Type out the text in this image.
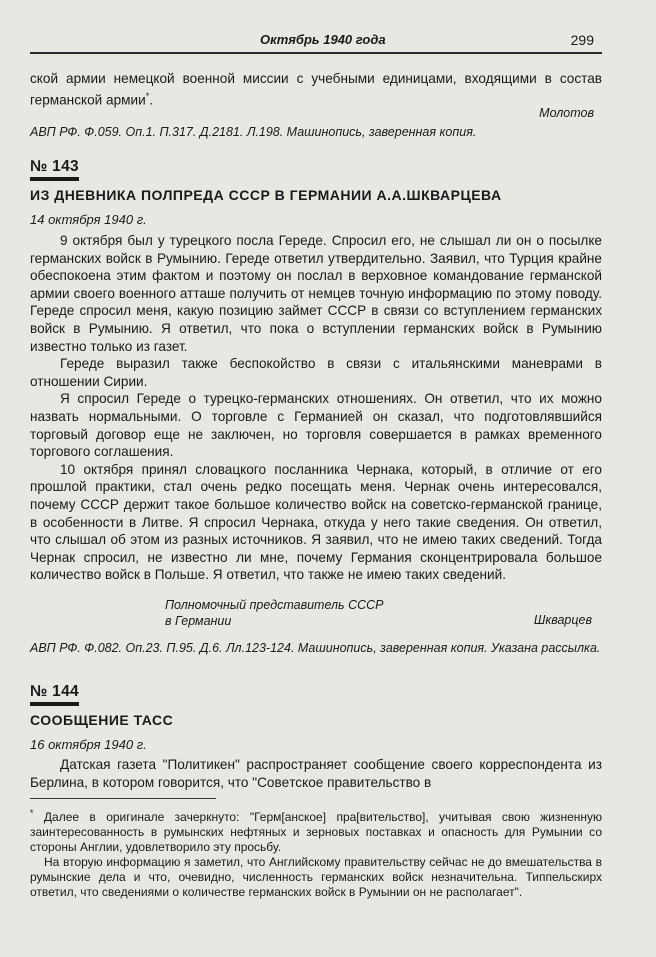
Октябрь 1940 года	299

ской армии немецкой военной миссии с учебными единицами, входящими в состав германской армии*.

Молотов

АВП РФ. Ф.059. Оп.1. П.317. Д.2181. Л.198. Машинопись, заверенная копия.

№ 143

ИЗ ДНЕВНИКА ПОЛПРЕДА СССР В ГЕРМАНИИ А.А.ШКВАРЦЕВА

14 октября 1940 г.

9 октября был у турецкого посла Гереде. Спросил его, не слышал ли он о посылке германских войск в Румынию. Гереде ответил утвердительно. Заявил, что Турция крайне обеспокоена этим фактом и поэтому он послал в верховное командование германской армии своего военного атташе получить от немцев точную информацию по этому поводу. Гереде спросил меня, какую позицию займет СССР в связи со вступлением германских войск в Румынию. Я ответил, что пока о вступлении германских войск в Румынию известно только из газет.

Гереде выразил также беспокойство в связи с итальянскими маневрами в отношении Сирии.

Я спросил Гереде о турецко-германских отношениях. Он ответил, что их можно назвать нормальными. О торговле с Германией он сказал, что подготовлявшийся торговый договор еще не заключен, но торговля совершается в рамках временного торгового соглашения.

10 октября принял словацкого посланника Чернака, который, в отличие от его прошлой практики, стал очень редко посещать меня. Чернак очень интересовался, почему СССР держит такое большое количество войск на советско-германской границе, в особенности в Литве. Я спросил Чернака, откуда у него такие сведения. Он ответил, что слышал об этом из разных источников. Я заявил, что не имею таких сведений. Тогда Чернак спросил, не известно ли мне, почему Германия сконцентрировала большое количество войск в Польше. Я ответил, что также не имею таких сведений.

Полномочный представитель СССР
в Германии	Шкварцев

АВП РФ. Ф.082. Оп.23. П.95. Д.6. Лл.123-124. Машинопись, заверенная копия. Указана рассылка.

№ 144

СООБЩЕНИЕ ТАСС

16 октября 1940 г.

Датская газета "Политикен" распространяет сообщение своего корреспондента из Берлина, в котором говорится, что "Совeтское правительство в

* Далее в оригинале зачеркнуто: "Герм[анское] пра[вительство], учитывая свою жизненную заинтересованность в румынских нефтяных и зерновых поставках и опасность для Румынии со стороны Англии, удовлетворило эту просьбу.

На вторую информацию я заметил, что Английскому правительству сейчас не до вмешательства в румынские дела и что, очевидно, численность германских войск незначительна. Типпельскирх ответил, что сведениями о количестве германских войск в Румынии он не располагает".
